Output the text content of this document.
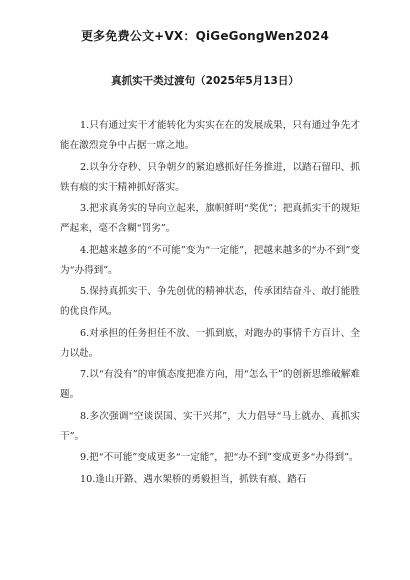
更多免费公文+VX：QiGeGongWen2024
真抓实干类过渡句（2025年5月13日）

1.只有通过实干才能转化为实实在在的发展成果，只有通过争先才能在激烈竞争中占据一席之地。

2.以争分夺秒、只争朝夕的紧迫感抓好任务推进，以踏石留印、抓铁有痕的实干精神抓好落实。

3.把求真务实的导向立起来，旗帜鲜明“奖优”；把真抓实干的规矩严起来，毫不含糊“罚劣”。

4.把越来越多的“不可能”变为“一定能”，把越来越多的“办不到”变为“办得到”。

5.保持真抓实干、争先创优的精神状态，传承团结奋斗、敢打能胜的优良作风。

6.对承担的任务担任不放、一抓到底，对跑办的事情千方百计、全力以赴。

7.以“有没有”的审慎态度把准方向，用“怎么干”的创新思维破解难题。

8.多次强调“空谈误国、实干兴邦”，大力倡导“马上就办、真抓实干”。

9.把“不可能”变成更多“一定能”，把“办不到”变成更多“办得到”。

10.逢山开路、遇水架桥的勇毅担当，抓铁有痕、踏石
